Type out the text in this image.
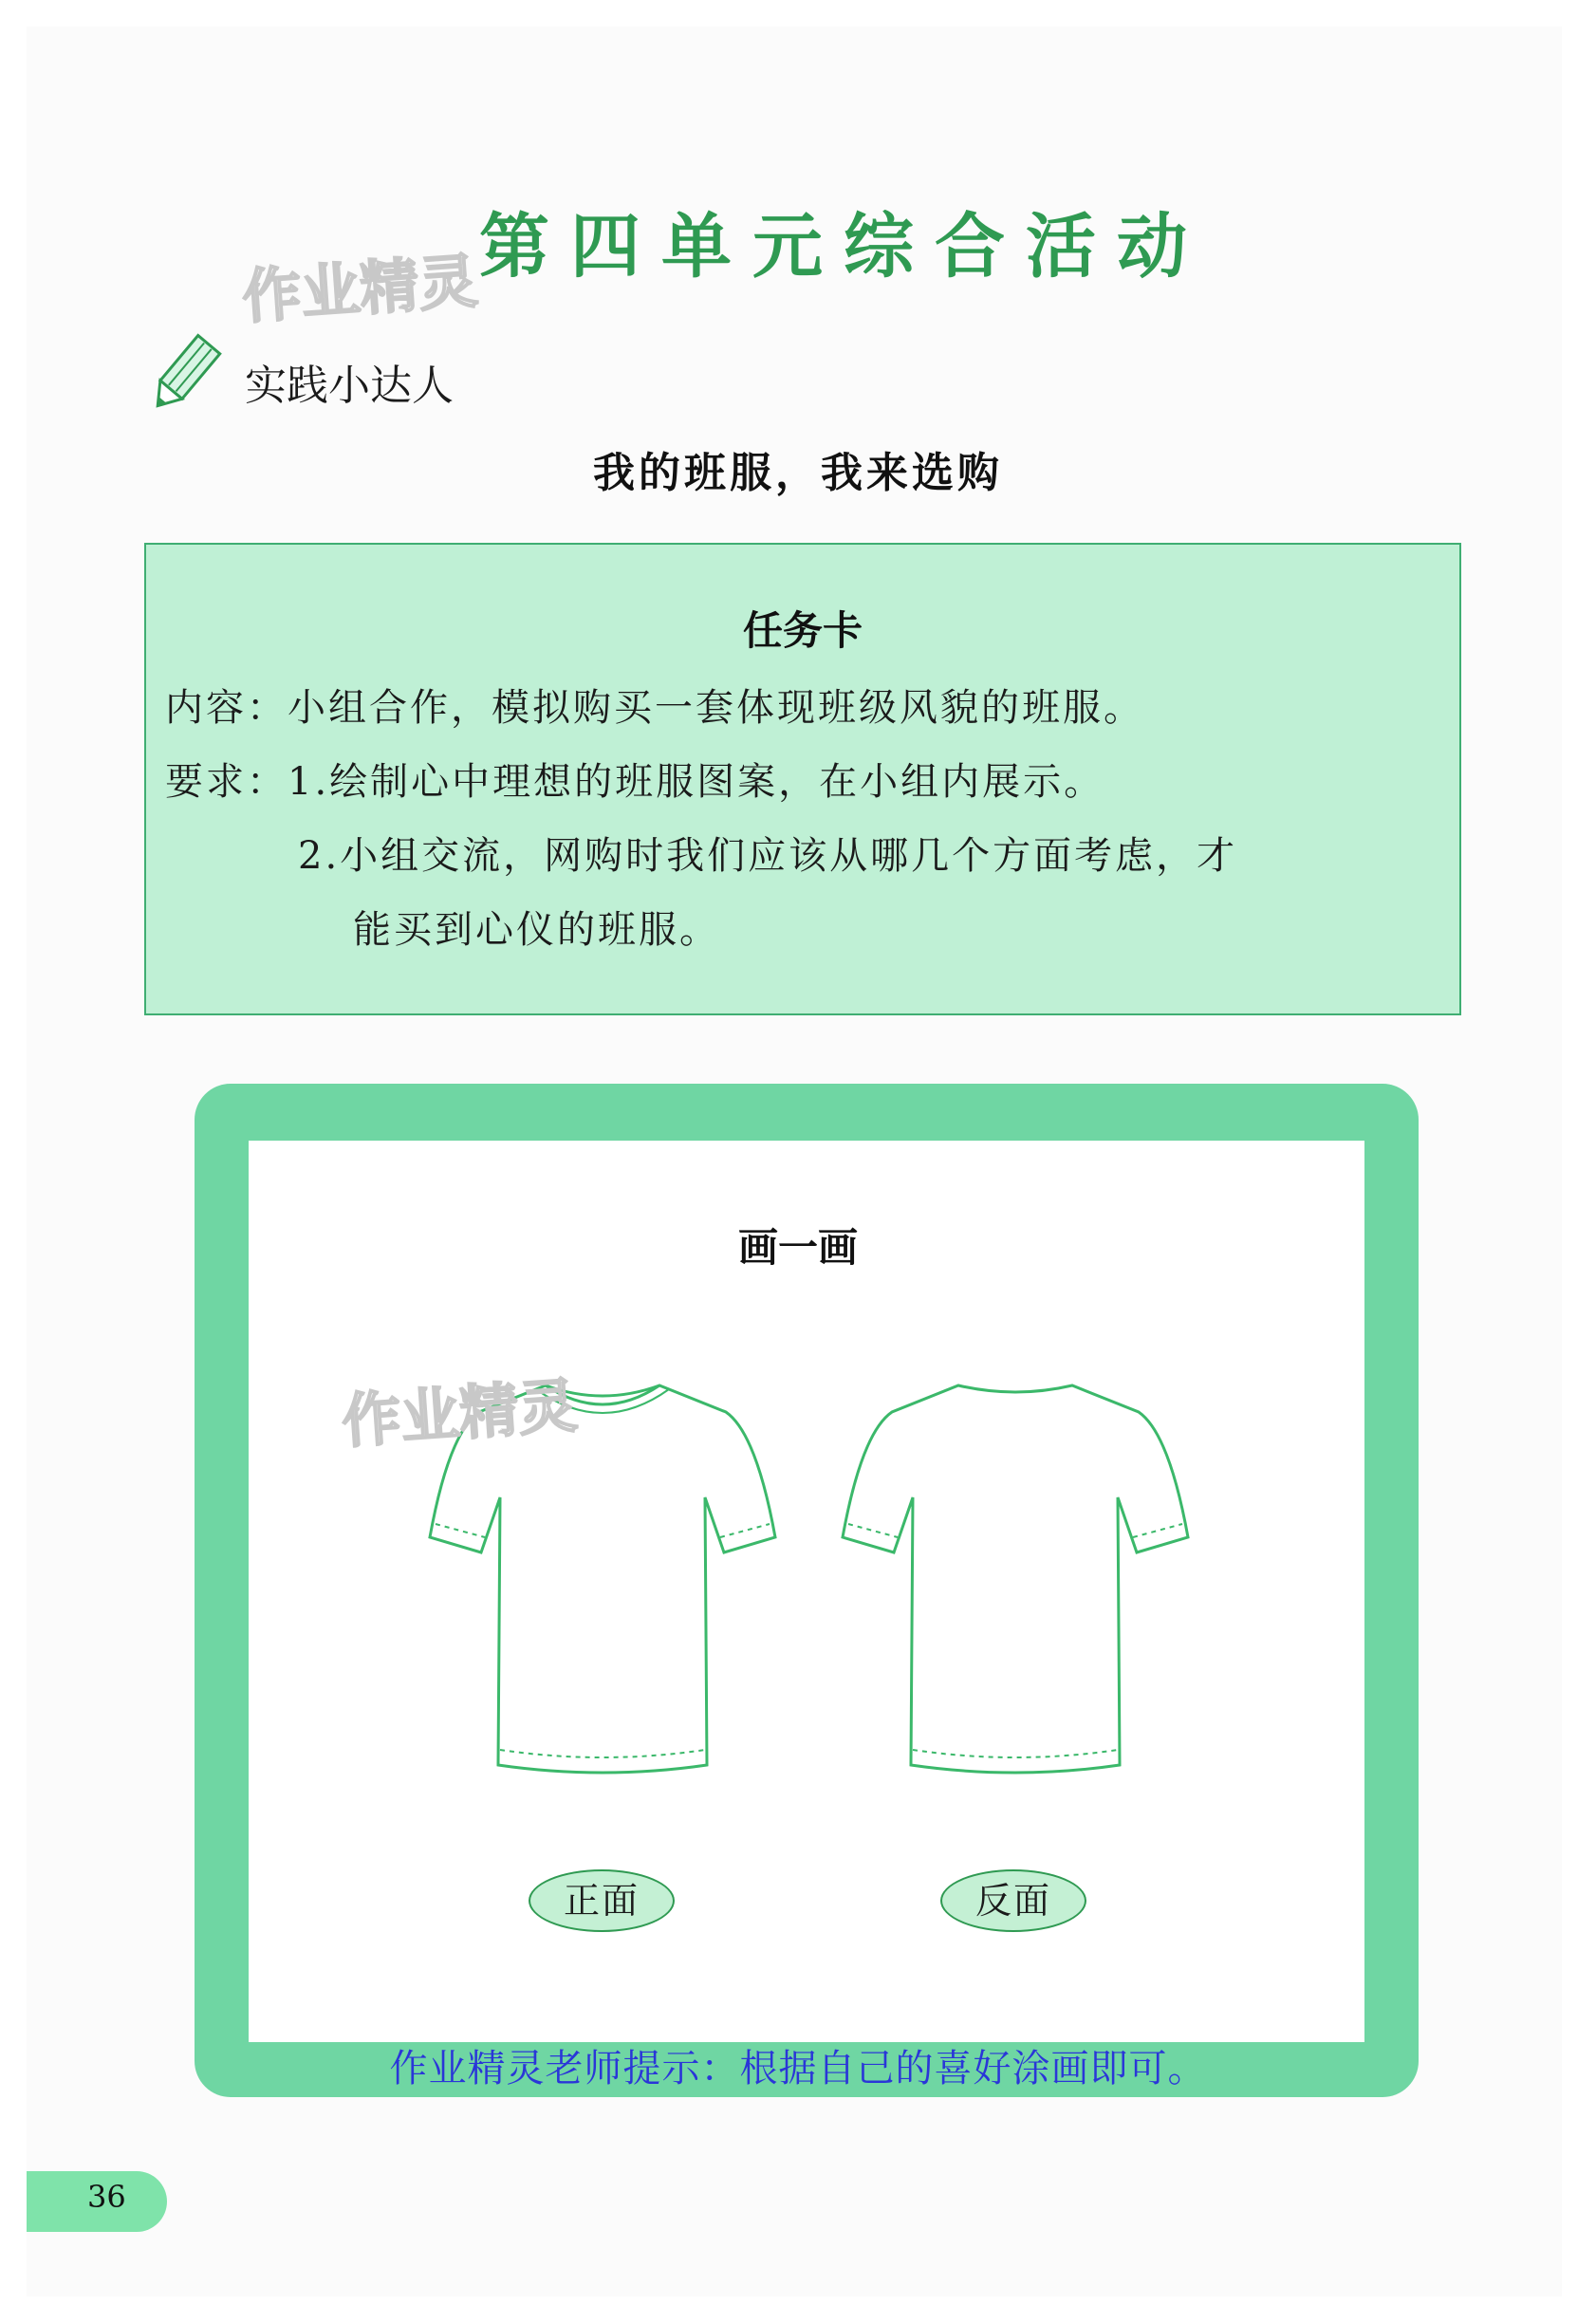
作业精灵 第四单元综合活动
实践小达人
我的班服，我来选购
任务卡
内容：小组合作，模拟购买一套体现班级风貌的班服。
要求：1.绘制心中理想的班服图案，在小组内展示。
2.小组交流，网购时我们应该从哪几个方面考虑，才
能买到心仪的班服。
画一画
作业精灵
正面	反面
作业精灵老师提示：根据自己的喜好涂画即可。
36
